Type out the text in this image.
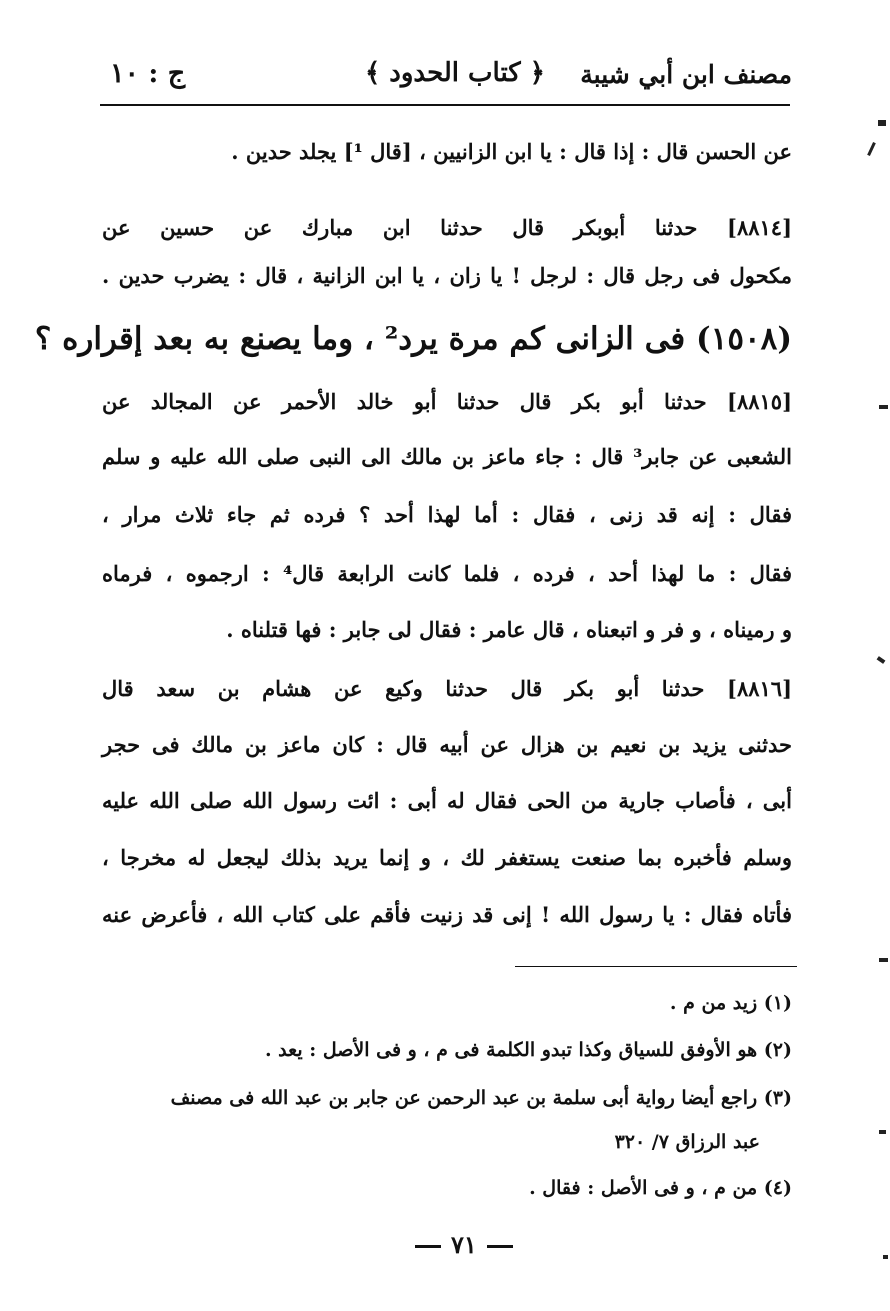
مصنف ابن أبي شيبة
﴿ كتاب الحدود ﴾
ج : ١٠
عن الحسن قال : إذا قال : يا ابن الزانيين ، [قال ¹] يجلد حدين .
[٨٨١٤] حدثنا أبوبكر قال حدثنا ابن مبارك عن حسين عن
مكحول فى رجل قال : لرجل ! يا زان ، يا ابن الزانية ، قال : يضرب حدين .
(١٥٠٨) فى الزانى كم مرة يرد² ، وما يصنع به بعد إقراره ؟
[٨٨١٥] حدثنا أبو بكر قال حدثنا أبو خالد الأحمر عن المجالد عن
الشعبى عن جابر³ قال : جاء ماعز بن مالك الى النبى صلى الله عليه و سلم
فقال : إنه قد زنى ، فقال : أما لهذا أحد ؟ فرده ثم جاء ثلاث مرار ،
فقال : ما لهذا أحد ، فرده ، فلما كانت الرابعة قال⁴ : ارجموه ، فرماه
و رميناه ، و فر و اتبعناه ، قال عامر : فقال لى جابر : فها قتلناه .
[٨٨١٦] حدثنا أبو بكر قال حدثنا وكيع عن هشام بن سعد قال
حدثنى يزيد بن نعيم بن هزال عن أبيه قال : كان ماعز بن مالك فى حجر
أبى ، فأصاب جارية من الحى فقال له أبى : ائت رسول الله صلى الله عليه
وسلم فأخبره بما صنعت يستغفر لك ، و إنما يريد بذلك ليجعل له مخرجا ،
فأتاه فقال : يا رسول الله ! إنى قد زنيت فأقم على كتاب الله ، فأعرض عنه
(١) زيد من م .
(٢) هو الأوفق للسياق وكذا تبدو الكلمة فى م ، و فى الأصل : يعد .
(٣) راجع أيضا رواية أبى سلمة بن عبد الرحمن عن جابر بن عبد الله فى مصنف
عبد الرزاق ٧/ ٣٢٠
(٤) من م ، و فى الأصل : فقال .
٧١
